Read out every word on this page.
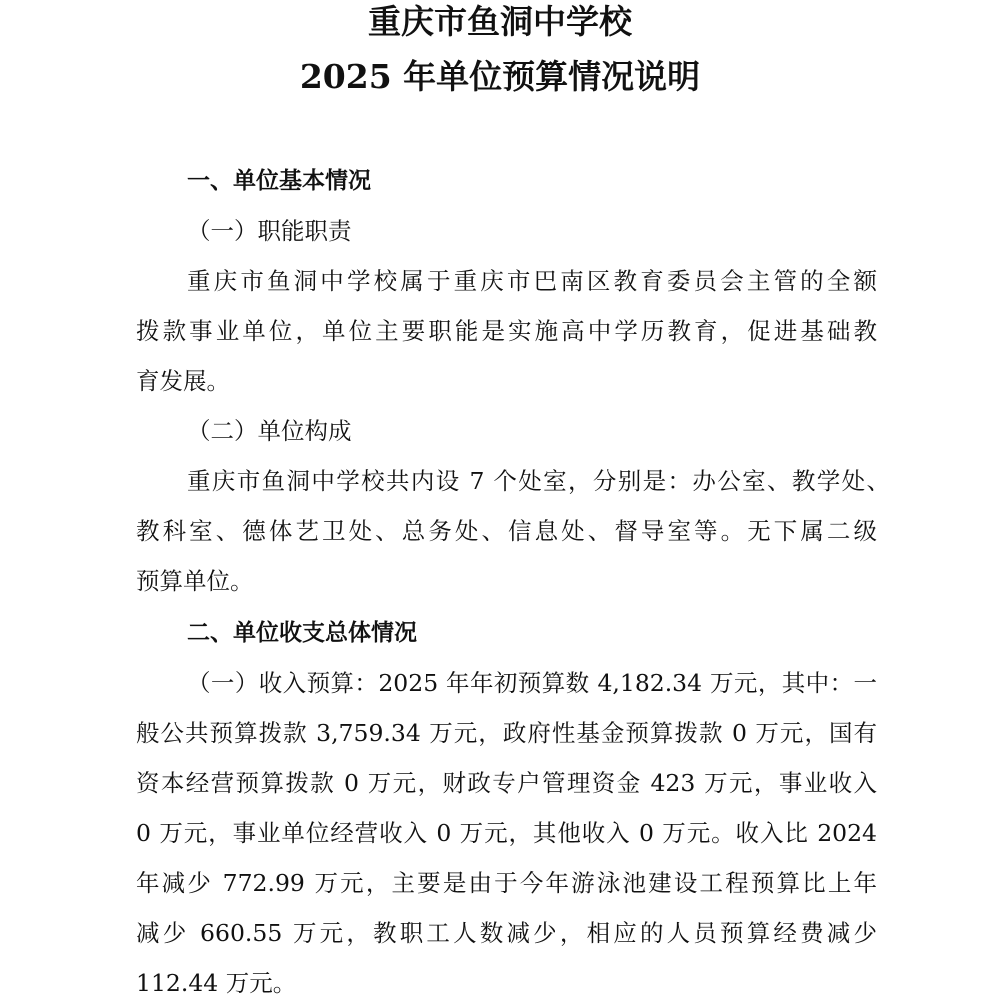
重庆市鱼洞中学校
2025 年单位预算情况说明

一、单位基本情况

（一）职能职责

重庆市鱼洞中学校属于重庆市巴南区教育委员会主管的全额

拨款事业单位，单位主要职能是实施高中学历教育，促进基础教

育发展。

（二）单位构成

重庆市鱼洞中学校共内设 7 个处室，分别是：办公室、教学处、

教科室、德体艺卫处、总务处、信息处、督导室等。无下属二级

预算单位。

二、单位收支总体情况

（一）收入预算：2025 年年初预算数 4,182.34 万元，其中：一

般公共预算拨款 3,759.34 万元，政府性基金预算拨款 0 万元，国有

资本经营预算拨款 0 万元，财政专户管理资金 423 万元，事业收入

0 万元，事业单位经营收入 0 万元，其他收入 0 万元。收入比 2024

年减少 772.99 万元，主要是由于今年游泳池建设工程预算比上年

减少 660.55 万元，教职工人数减少，相应的人员预算经费减少

112.44 万元。
